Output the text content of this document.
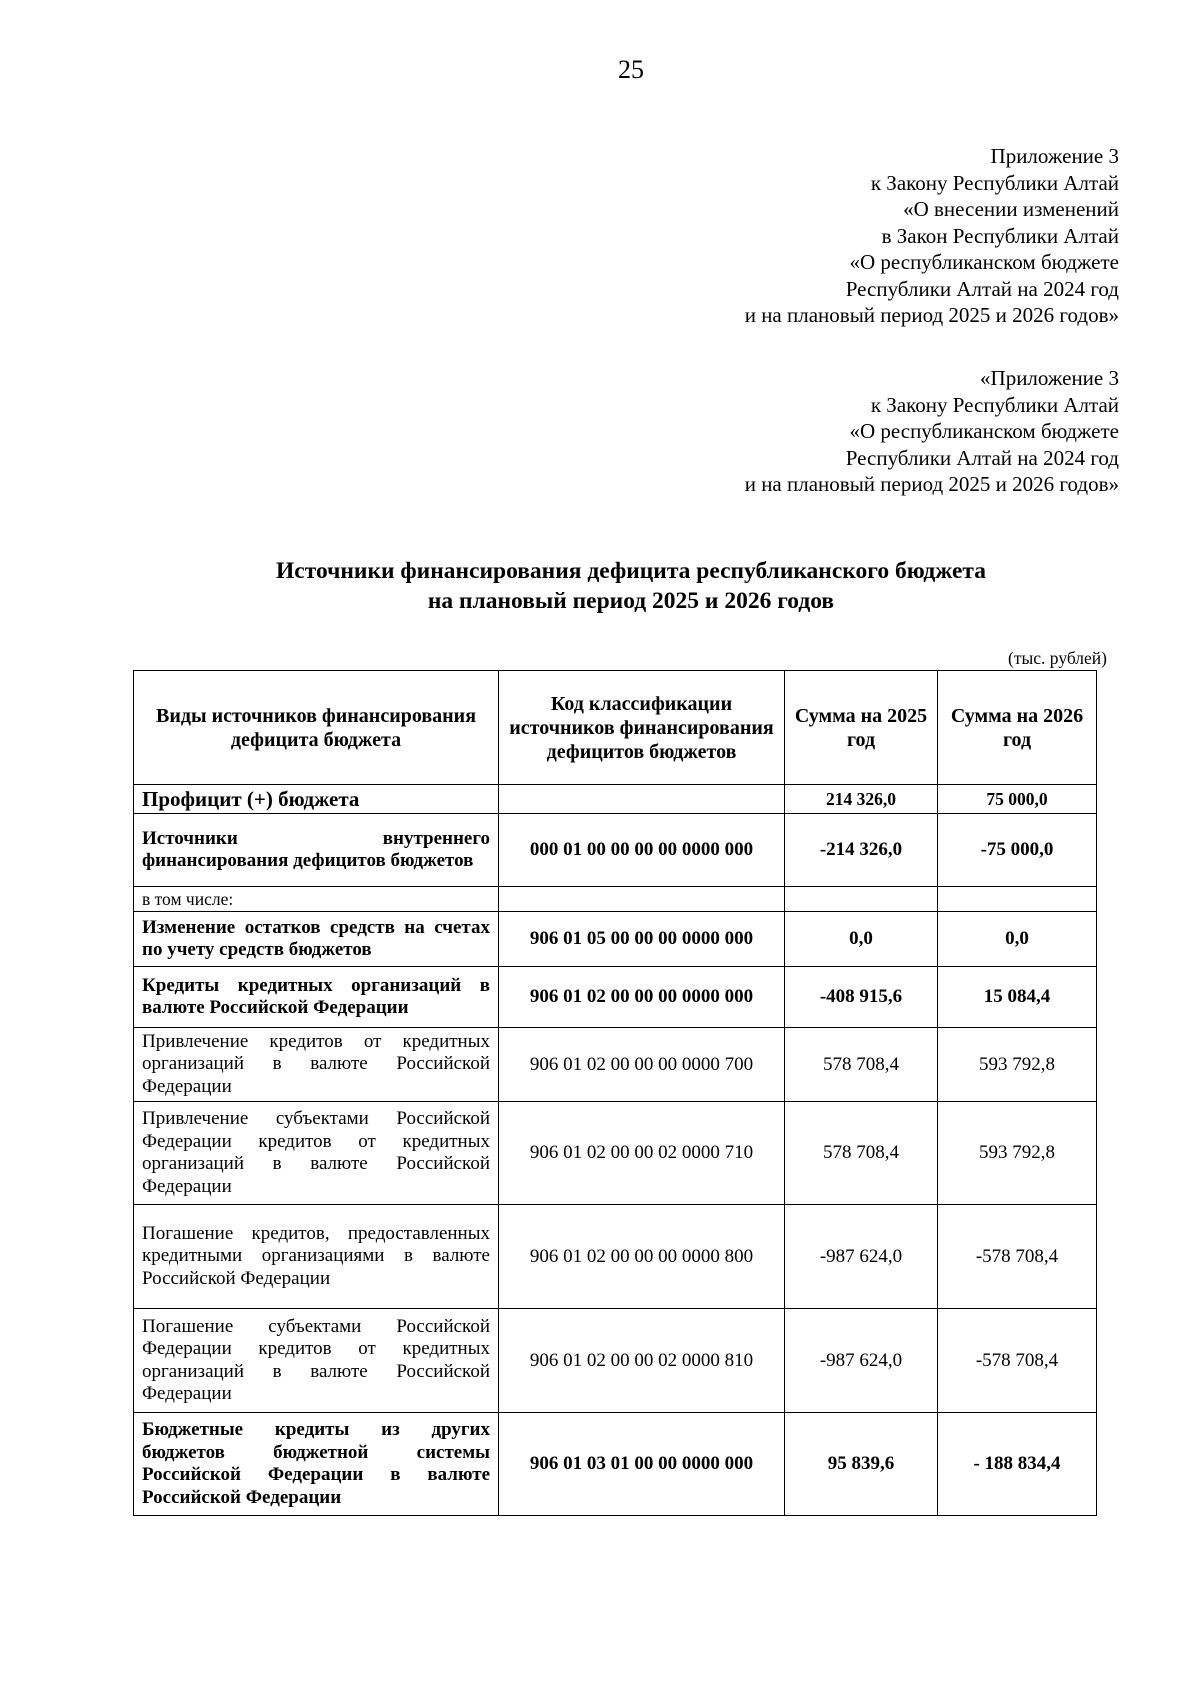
25
Приложение 3
к Закону Республики Алтай
«О внесении изменений
в Закон Республики Алтай
«О республиканском бюджете
Республики Алтай на 2024 год
и на плановый период 2025 и 2026 годов»
«Приложение 3
к Закону Республики Алтай
«О республиканском бюджете
Республики Алтай на 2024 год
и на плановый период 2025 и 2026 годов»
Источники финансирования дефицита республиканского бюджета
на плановый период 2025 и 2026 годов
(тыс. рублей)
Виды источников финансирования дефицита бюджета	Код классификации источников финансирования дефицитов бюджетов	Сумма на 2025 год	Сумма на 2026 год
Профицит (+) бюджета		214 326,0	75 000,0
Источники внутреннего финансирования дефицитов бюджетов	000 01 00 00 00 00 0000 000	-214 326,0	-75 000,0
в том числе:			
Изменение остатков средств на счетах по учету средств бюджетов	906 01 05 00 00 00 0000 000	0,0	0,0
Кредиты кредитных организаций в валюте Российской Федерации	906 01 02 00 00 00 0000 000	-408 915,6	15 084,4
Привлечение кредитов от кредитных организаций в валюте Российской Федерации	906 01 02 00 00 00 0000 700	578 708,4	593 792,8
Привлечение субъектами Российской Федерации кредитов от кредитных организаций в валюте Российской Федерации	906 01 02 00 00 02 0000 710	578 708,4	593 792,8
Погашение кредитов, предоставленных кредитными организациями в валюте Российской Федерации	906 01 02 00 00 00 0000 800	-987 624,0	-578 708,4
Погашение субъектами Российской Федерации кредитов от кредитных организаций в валюте Российской Федерации	906 01 02 00 00 02 0000 810	-987 624,0	-578 708,4
Бюджетные кредиты из других бюджетов бюджетной системы Российской Федерации в валюте Российской Федерации	906 01 03 01 00 00 0000 000	95 839,6	- 188 834,4
